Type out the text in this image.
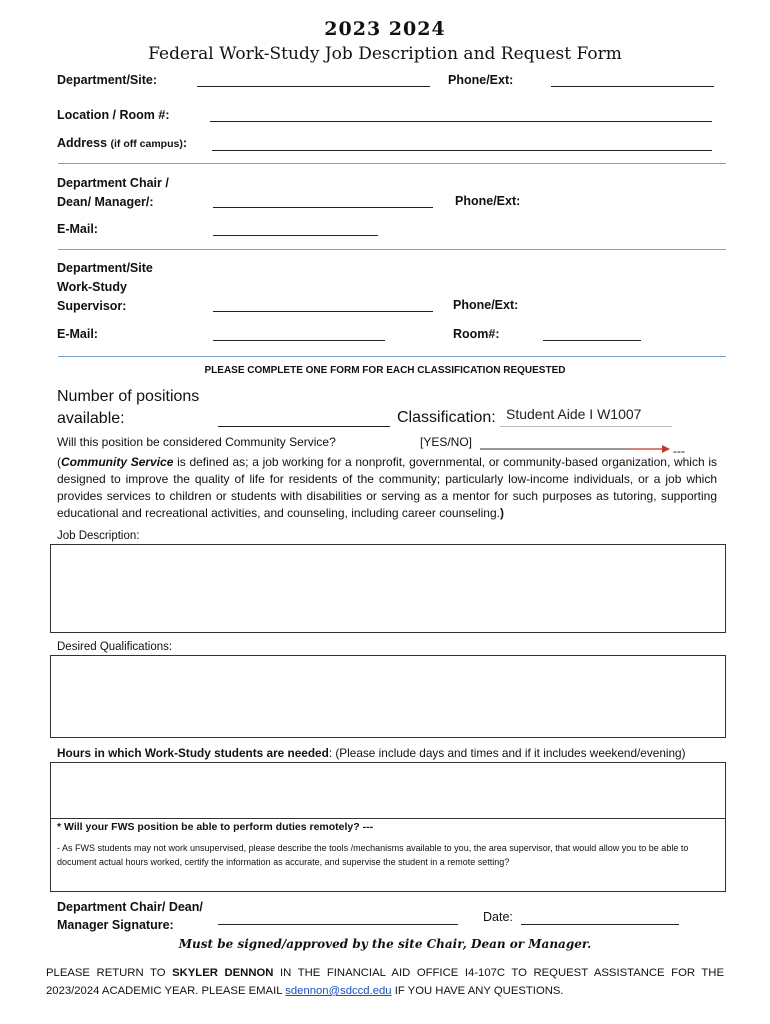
2023 2024
Federal Work-Study Job Description and Request Form
Department/Site:	Phone/Ext:
Location / Room #:
Address (if off campus):
Department Chair /
Dean/ Manager/:	Phone/Ext:
E-Mail:
Department/Site
Work-Study
Supervisor:	Phone/Ext:
E-Mail:	Room#:
PLEASE COMPLETE ONE FORM FOR EACH CLASSIFICATION REQUESTED
Number of positions
available:	Classification: Student Aide I W1007
Will this position be considered Community Service?	[YES/NO]
---
(Community Service is defined as; a job working for a nonprofit, governmental, or community-based organization, which is designed to improve the quality of life for residents of the community; particularly low-income individuals, or a job which provides services to children or students with disabilities or serving as a mentor for such purposes as tutoring, supporting educational and recreational activities, and counseling, including career counseling.)
Job Description:
Desired Qualifications:
Hours in which Work-Study students are needed: (Please include days and times and if it includes weekend/evening)
* Will your FWS position be able to perform duties remotely? ---
- As FWS students may not work unsupervised, please describe the tools /mechanisms available to you, the area supervisor, that would allow you to be able to document actual hours worked, certify the information as accurate, and supervise the student in a remote setting?
Department Chair/ Dean/
Manager Signature:
Date:
Must be signed/approved by the site Chair, Dean or Manager.
PLEASE RETURN TO SKYLER DENNON IN THE FINANCIAL AID OFFICE I4-107C TO REQUEST ASSISTANCE FOR THE 2023/2024 ACADEMIC YEAR. PLEASE EMAIL sdennon@sdccd.edu IF YOU HAVE ANY QUESTIONS.
